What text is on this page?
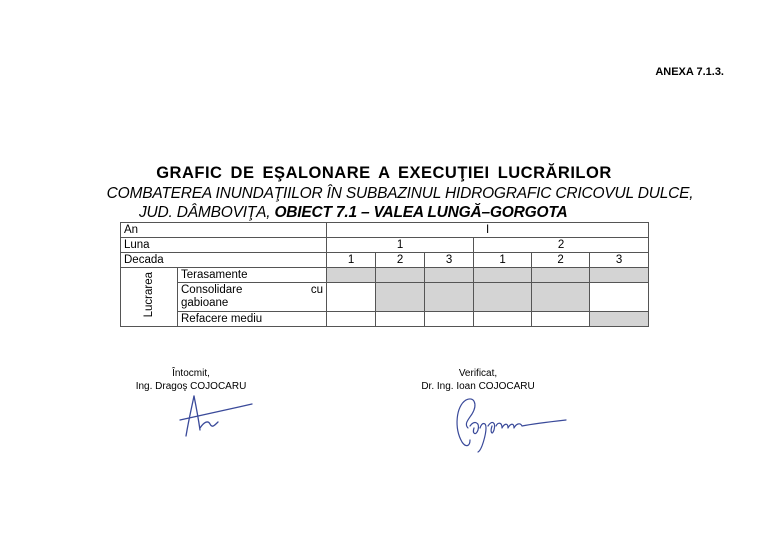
ANEXA 7.1.3.
GRAFIC DE EŞALONARE A EXECUŢIEI LUCRĂRILOR
COMBATEREA INUNDAŢIILOR ÎN SUBBAZINUL HIDROGRAFIC CRICOVUL DULCE,
JUD. DÂMBOVIŢA, OBIECT 7.1 – VALEA LUNGĂ–GORGOTA
An		I					
Luna		1			2		
Decada		1	2	3	1	2	3
Lucrarea	Terasamente						

	Consolidare cu
gabioane						

	Refacere mediu						
Întocmit,
Ing. Dragoş COJOCARU
Verificat,
Dr. Ing. Ioan COJOCARU
